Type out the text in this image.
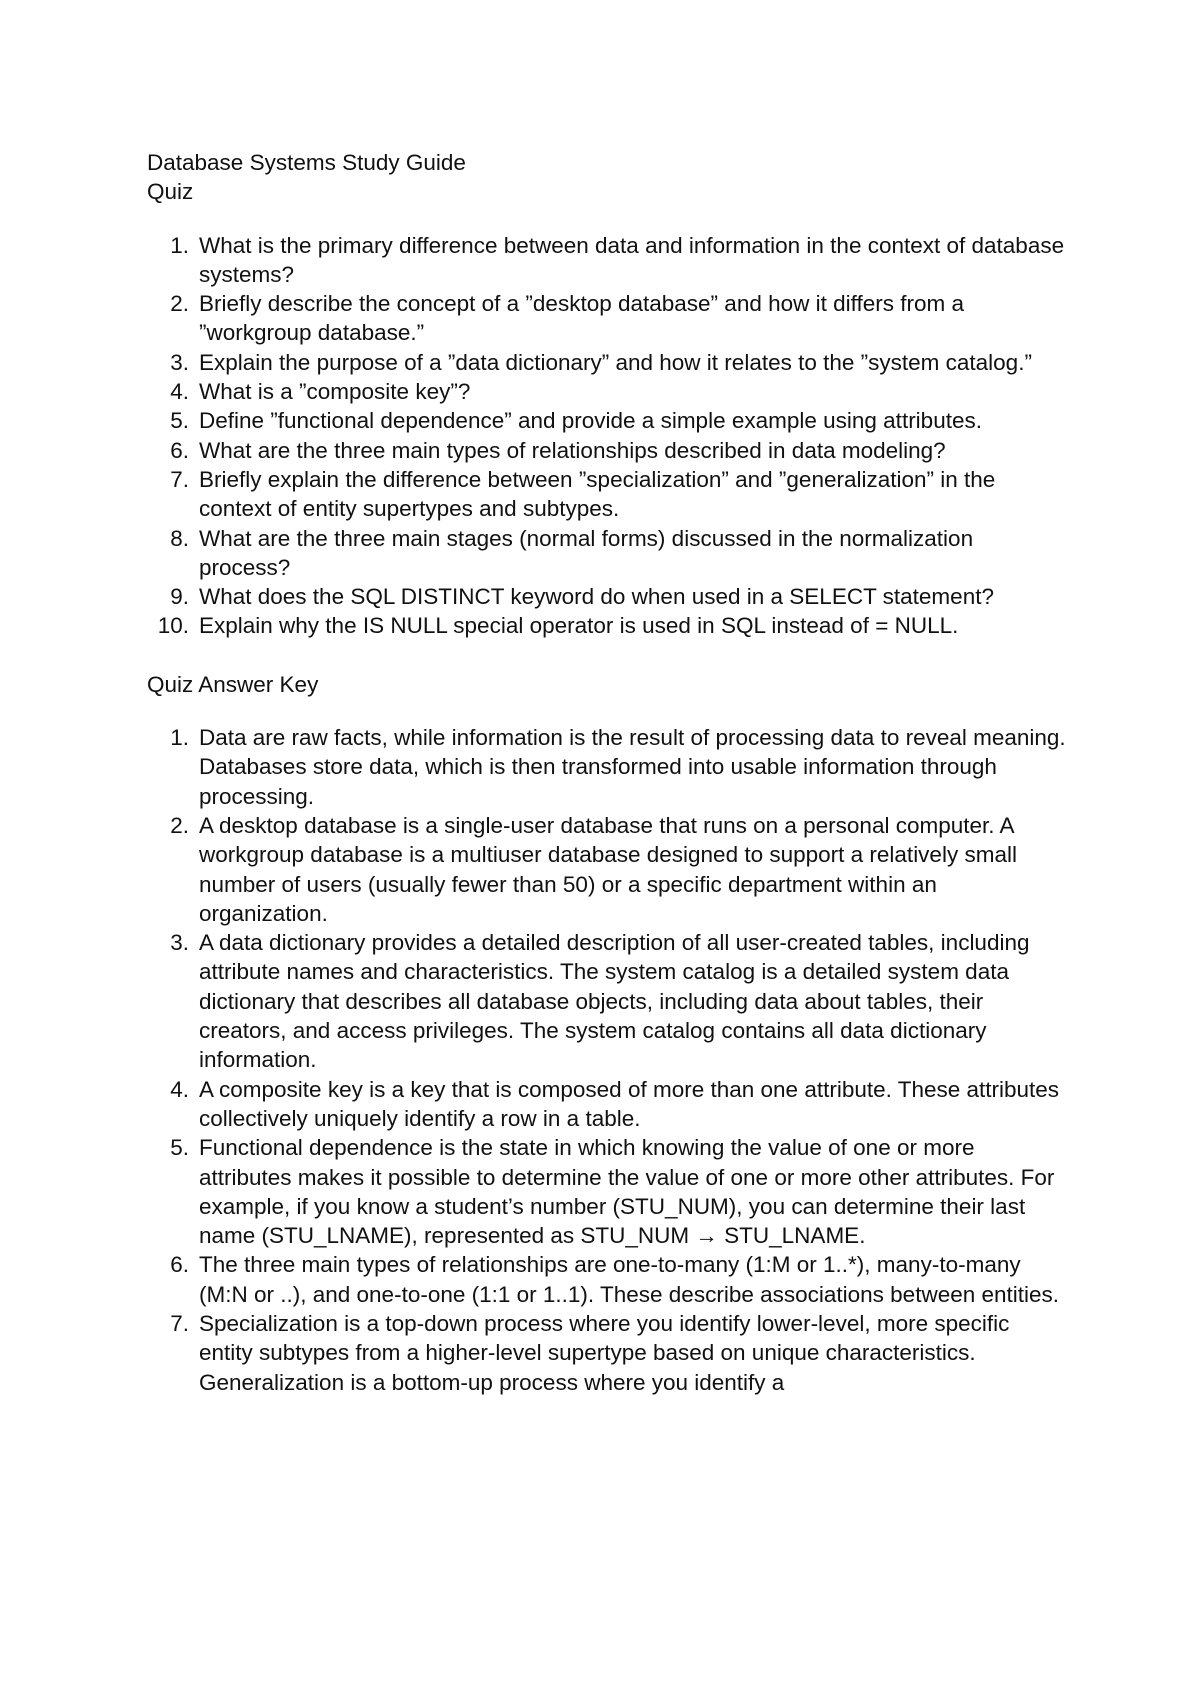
Database Systems Study Guide

Quiz

1. What is the primary difference between data and information in the context of database systems?
2. Briefly describe the concept of a ”desktop database” and how it differs from a ”workgroup database.”
3. Explain the purpose of a ”data dictionary” and how it relates to the ”system catalog.”
4. What is a ”composite key”?
5. Define ”functional dependence” and provide a simple example using attributes.
6. What are the three main types of relationships described in data modeling?
7. Briefly explain the difference between ”specialization” and ”generalization” in the context of entity supertypes and subtypes.
8. What are the three main stages (normal forms) discussed in the normalization process?
9. What does the SQL DISTINCT keyword do when used in a SELECT statement?
10. Explain why the IS NULL special operator is used in SQL instead of = NULL.

Quiz Answer Key

1. Data are raw facts, while information is the result of processing data to reveal meaning. Databases store data, which is then transformed into usable information through processing.
2. A desktop database is a single-user database that runs on a personal computer. A workgroup database is a multiuser database designed to support a relatively small number of users (usually fewer than 50) or a specific department within an organization.
3. A data dictionary provides a detailed description of all user-created tables, including attribute names and characteristics. The system catalog is a detailed system data dictionary that describes all database objects, including data about tables, their creators, and access privileges. The system catalog contains all data dictionary information.
4. A composite key is a key that is composed of more than one attribute. These attributes collectively uniquely identify a row in a table.
5. Functional dependence is the state in which knowing the value of one or more attributes makes it possible to determine the value of one or more other attributes. For example, if you know a student’s number (STU_NUM), you can determine their last name (STU_LNAME), represented as STU_NUM → STU_LNAME.
6. The three main types of relationships are one-to-many (1:M or 1..*), many-to-many (M:N or ..), and one-to-one (1:1 or 1..1). These describe associations between entities.
7. Specialization is a top-down process where you identify lower-level, more specific entity subtypes from a higher-level supertype based on unique characteristics. Generalization is a bottom-up process where you identify a
